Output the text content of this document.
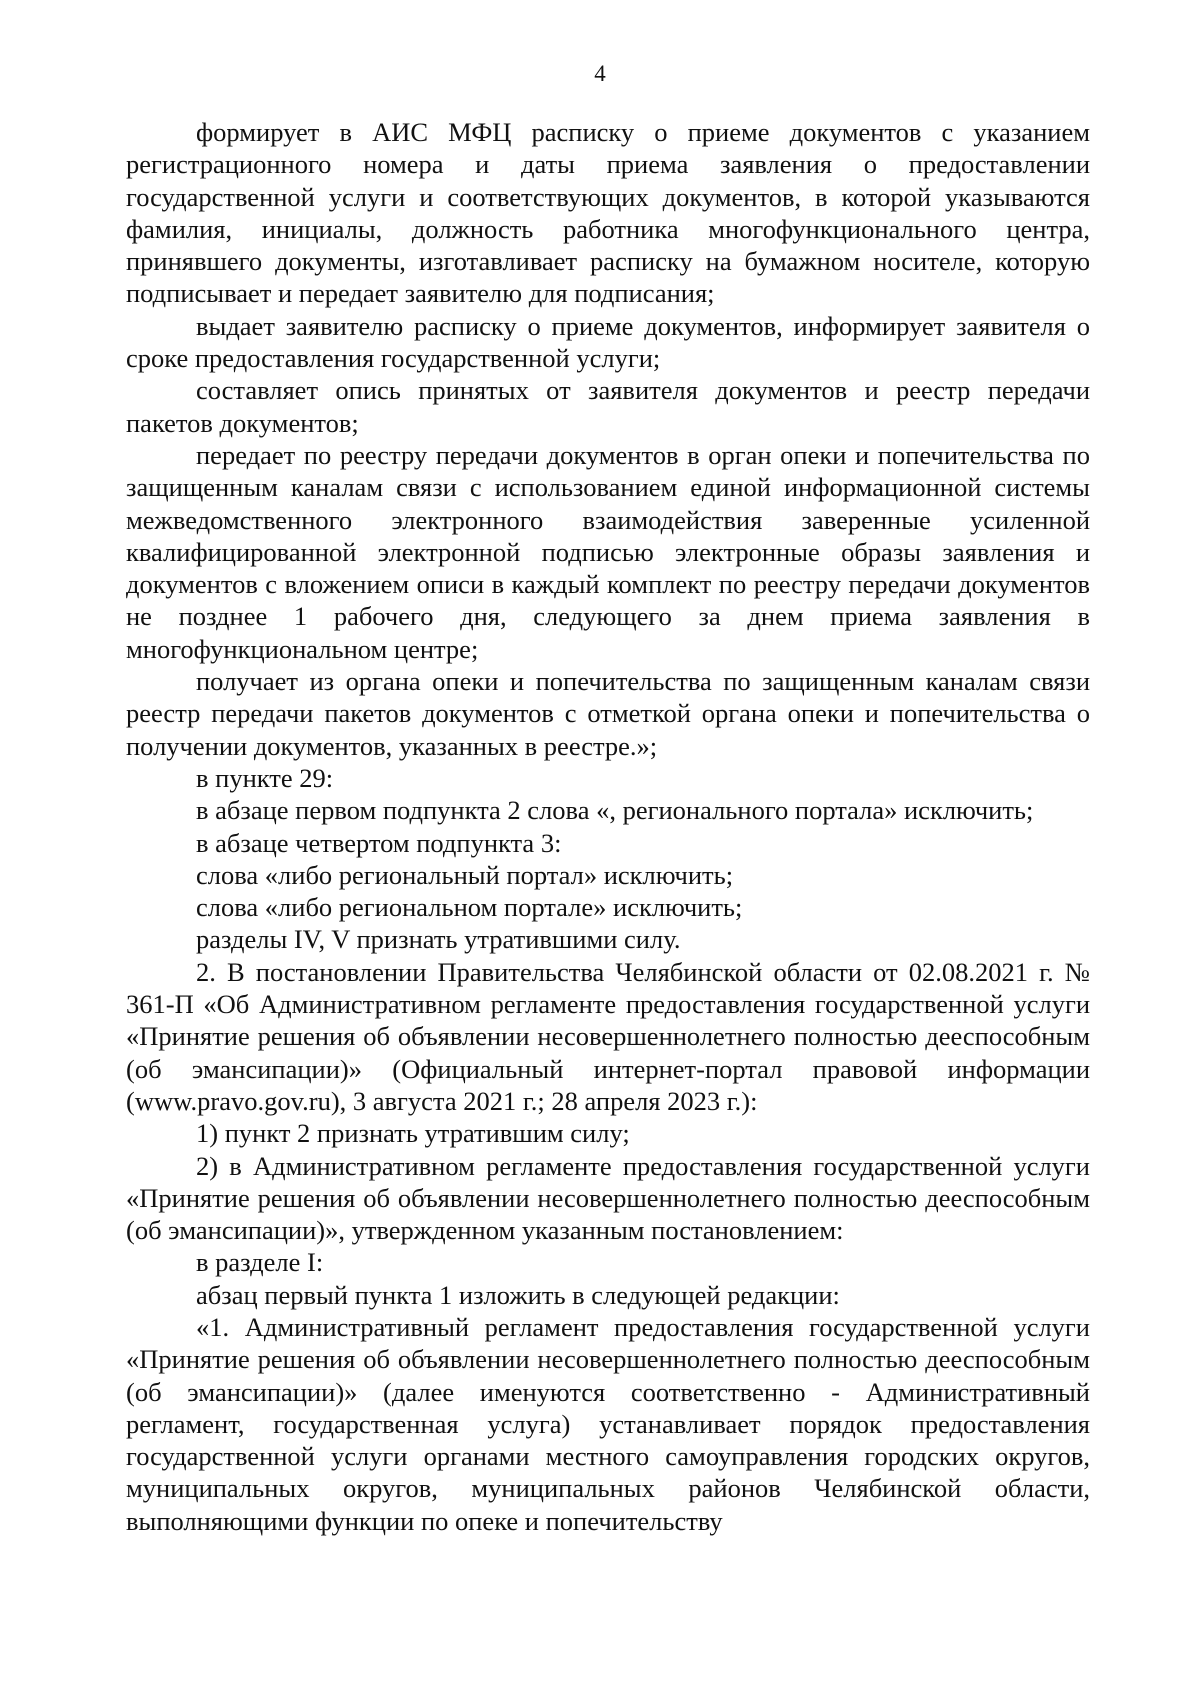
4

формирует в АИС МФЦ расписку о приеме документов с указанием регистрационного номера и даты приема заявления о предоставлении государственной услуги и соответствующих документов, в которой указываются фамилия, инициалы, должность работника многофункционального центра, принявшего документы, изготавливает расписку на бумажном носителе, которую подписывает и передает заявителю для подписания;

выдает заявителю расписку о приеме документов, информирует заявителя о сроке предоставления государственной услуги;

составляет опись принятых от заявителя документов и реестр передачи пакетов документов;

передает по реестру передачи документов в орган опеки и попечительства по защищенным каналам связи с использованием единой информационной системы межведомственного электронного взаимодействия заверенные усиленной квалифицированной электронной подписью электронные образы заявления и документов с вложением описи в каждый комплект по реестру передачи документов не позднее 1 рабочего дня, следующего за днем приема заявления в многофункциональном центре;

получает из органа опеки и попечительства по защищенным каналам связи реестр передачи пакетов документов с отметкой органа опеки и попечительства о получении документов, указанных в реестре.»;

в пункте 29:

в абзаце первом подпункта 2 слова «, регионального портала» исключить;

в абзаце четвертом подпункта 3:

слова «либо региональный портал» исключить;

слова «либо региональном портале» исключить;

разделы IV, V признать утратившими силу.

2. В постановлении Правительства Челябинской области от 02.08.2021 г. № 361-П «Об Административном регламенте предоставления государственной услуги «Принятие решения об объявлении несовершеннолетнего полностью дееспособным (об эмансипации)» (Официальный интернет-портал правовой информации (www.pravo.gov.ru), 3 августа 2021 г.; 28 апреля 2023 г.):

1) пункт 2 признать утратившим силу;

2) в Административном регламенте предоставления государственной услуги «Принятие решения об объявлении несовершеннолетнего полностью дееспособным (об эмансипации)», утвержденном указанным постановлением:

в разделе I:

абзац первый пункта 1 изложить в следующей редакции:

«1. Административный регламент предоставления государственной услуги «Принятие решения об объявлении несовершеннолетнего полностью дееспособным (об эмансипации)» (далее именуются соответственно - Административный регламент, государственная услуга) устанавливает порядок предоставления государственной услуги органами местного самоуправления городских округов, муниципальных округов, муниципальных районов Челябинской области, выполняющими функции по опеке и попечительству
